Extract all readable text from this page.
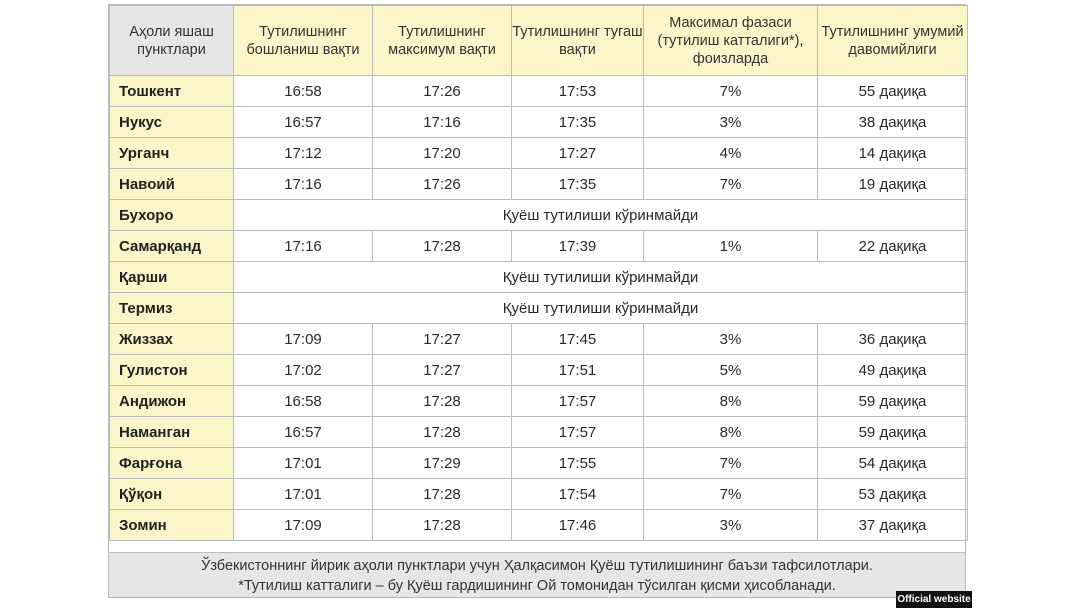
Аҳоли яшаш пунктлари	Тутилишнинг бошланиш вақти	Тутилишнинг максимум вақти	Тутилишнинг тугаш вақти	Максимал фазаси (тутилиш катталиги*), фоизларда	Тутилишнинг умумий давомийлиги
Тошкент	16:58	17:26	17:53	7%	55 дақиқа
Нукус	16:57	17:16	17:35	3%	38 дақиқа
Урганч	17:12	17:20	17:27	4%	14 дақиқа
Навоий	17:16	17:26	17:35	7%	19 дақиқа
Бухоро	Қуёш тутилиши кўринмайди				
Самарқанд	17:16	17:28	17:39	1%	22 дақиқа
Қарши	Қуёш тутилиши кўринмайди				
Термиз	Қуёш тутилиши кўринмайди				
Жиззах	17:09	17:27	17:45	3%	36 дақиқа
Гулистон	17:02	17:27	17:51	5%	49 дақиқа
Андижон	16:58	17:28	17:57	8%	59 дақиқа
Наманган	16:57	17:28	17:57	8%	59 дақиқа
Фарғона	17:01	17:29	17:55	7%	54 дақиқа
Қўқон	17:01	17:28	17:54	7%	53 дақиқа
Зомин	17:09	17:28	17:46	3%	37 дақиқа
Ўзбекистоннинг йирик аҳоли пунктлари учун Ҳалқасимон Қуёш тутилишининг баъзи тафсилотлари.
*Тутилиш катталиги – бу Қуёш гардишининг Ой томонидан тўсилган қисми ҳисобланади.
Official website
